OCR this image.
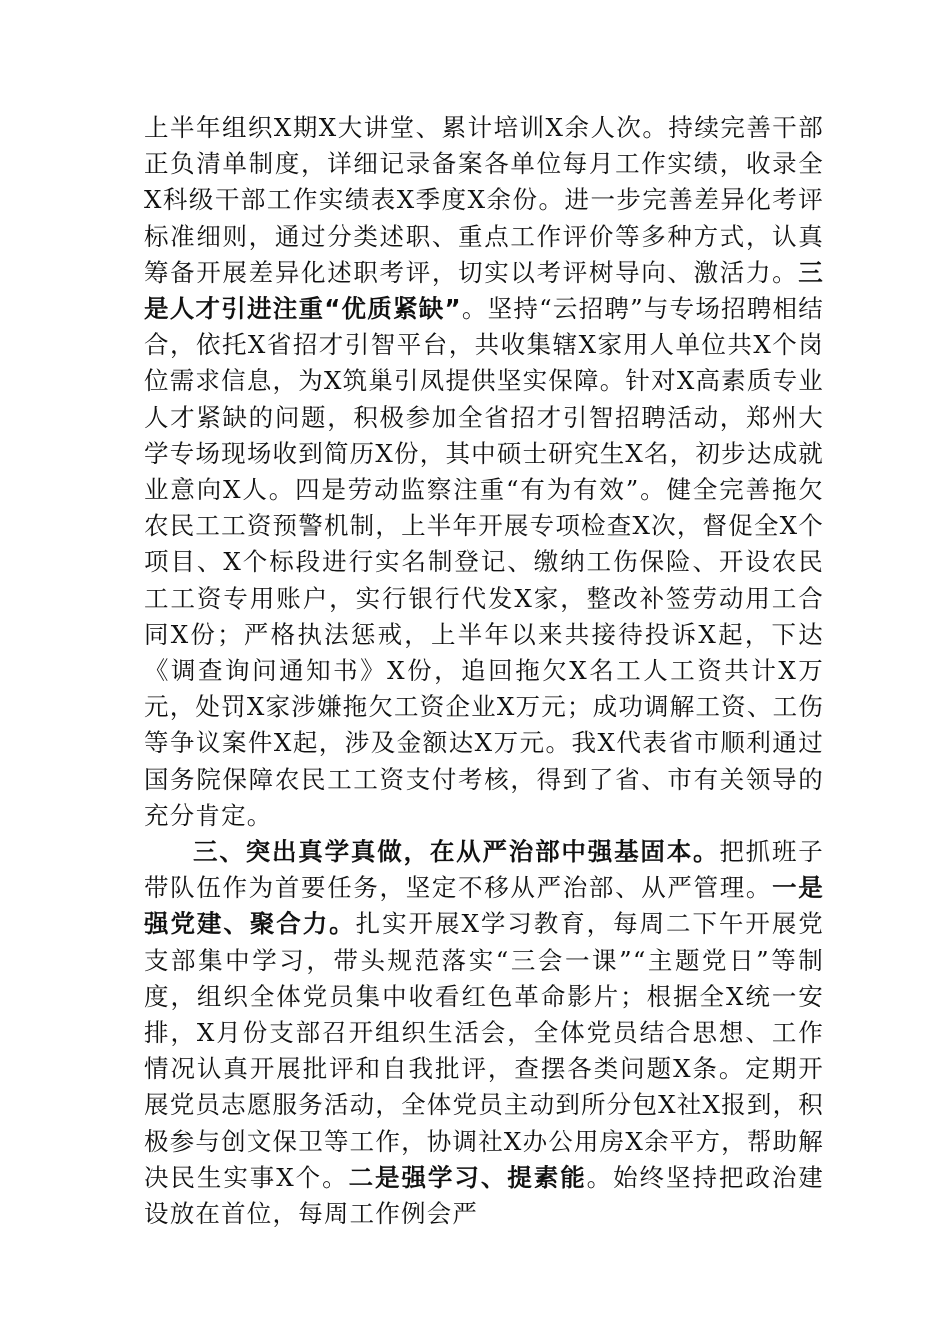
上半年组织X期X大讲堂、累计培训X余人次。持续完善干部正负清单制度，详细记录备案各单位每月工作实绩，收录全X科级干部工作实绩表X季度X余份。进一步完善差异化考评标准细则，通过分类述职、重点工作评价等多种方式，认真筹备开展差异化述职考评，切实以考评树导向、激活力。三是人才引进注重“优质紧缺”。坚持“云招聘”与专场招聘相结合，依托X省招才引智平台，共收集辖X家用人单位共X个岗位需求信息，为X筑巢引凤提供坚实保障。针对X高素质专业人才紧缺的问题，积极参加全省招才引智招聘活动，郑州大学专场现场收到简历X份，其中硕士研究生X名，初步达成就业意向X人。四是劳动监察注重“有为有效”。健全完善拖欠农民工工资预警机制，上半年开展专项检查X次，督促全X个项目、X个标段进行实名制登记、缴纳工伤保险、开设农民工工资专用账户，实行银行代发X家，整改补签劳动用工合同X份；严格执法惩戒，上半年以来共接待投诉X起，下达《调查询问通知书》X份，追回拖欠X名工人工资共计X万元，处罚X家涉嫌拖欠工资企业X万元；成功调解工资、工伤等争议案件X起，涉及金额达X万元。我X代表省市顺利通过国务院保障农民工工资支付考核，得到了省、市有关领导的充分肯定。

三、突出真学真做，在从严治部中强基固本。把抓班子带队伍作为首要任务，坚定不移从严治部、从严管理。一是强党建、聚合力。扎实开展X学习教育，每周二下午开展党支部集中学习，带头规范落实“三会一课”“主题党日”等制度，组织全体党员集中收看红色革命影片；根据全X统一安排，X月份支部召开组织生活会，全体党员结合思想、工作情况认真开展批评和自我批评，查摆各类问题X条。定期开展党员志愿服务活动，全体党员主动到所分包X社X报到，积极参与创文保卫等工作，协调社X办公用房X余平方，帮助解决民生实事X个。二是强学习、提素能。始终坚持把政治建设放在首位，每周工作例会严
